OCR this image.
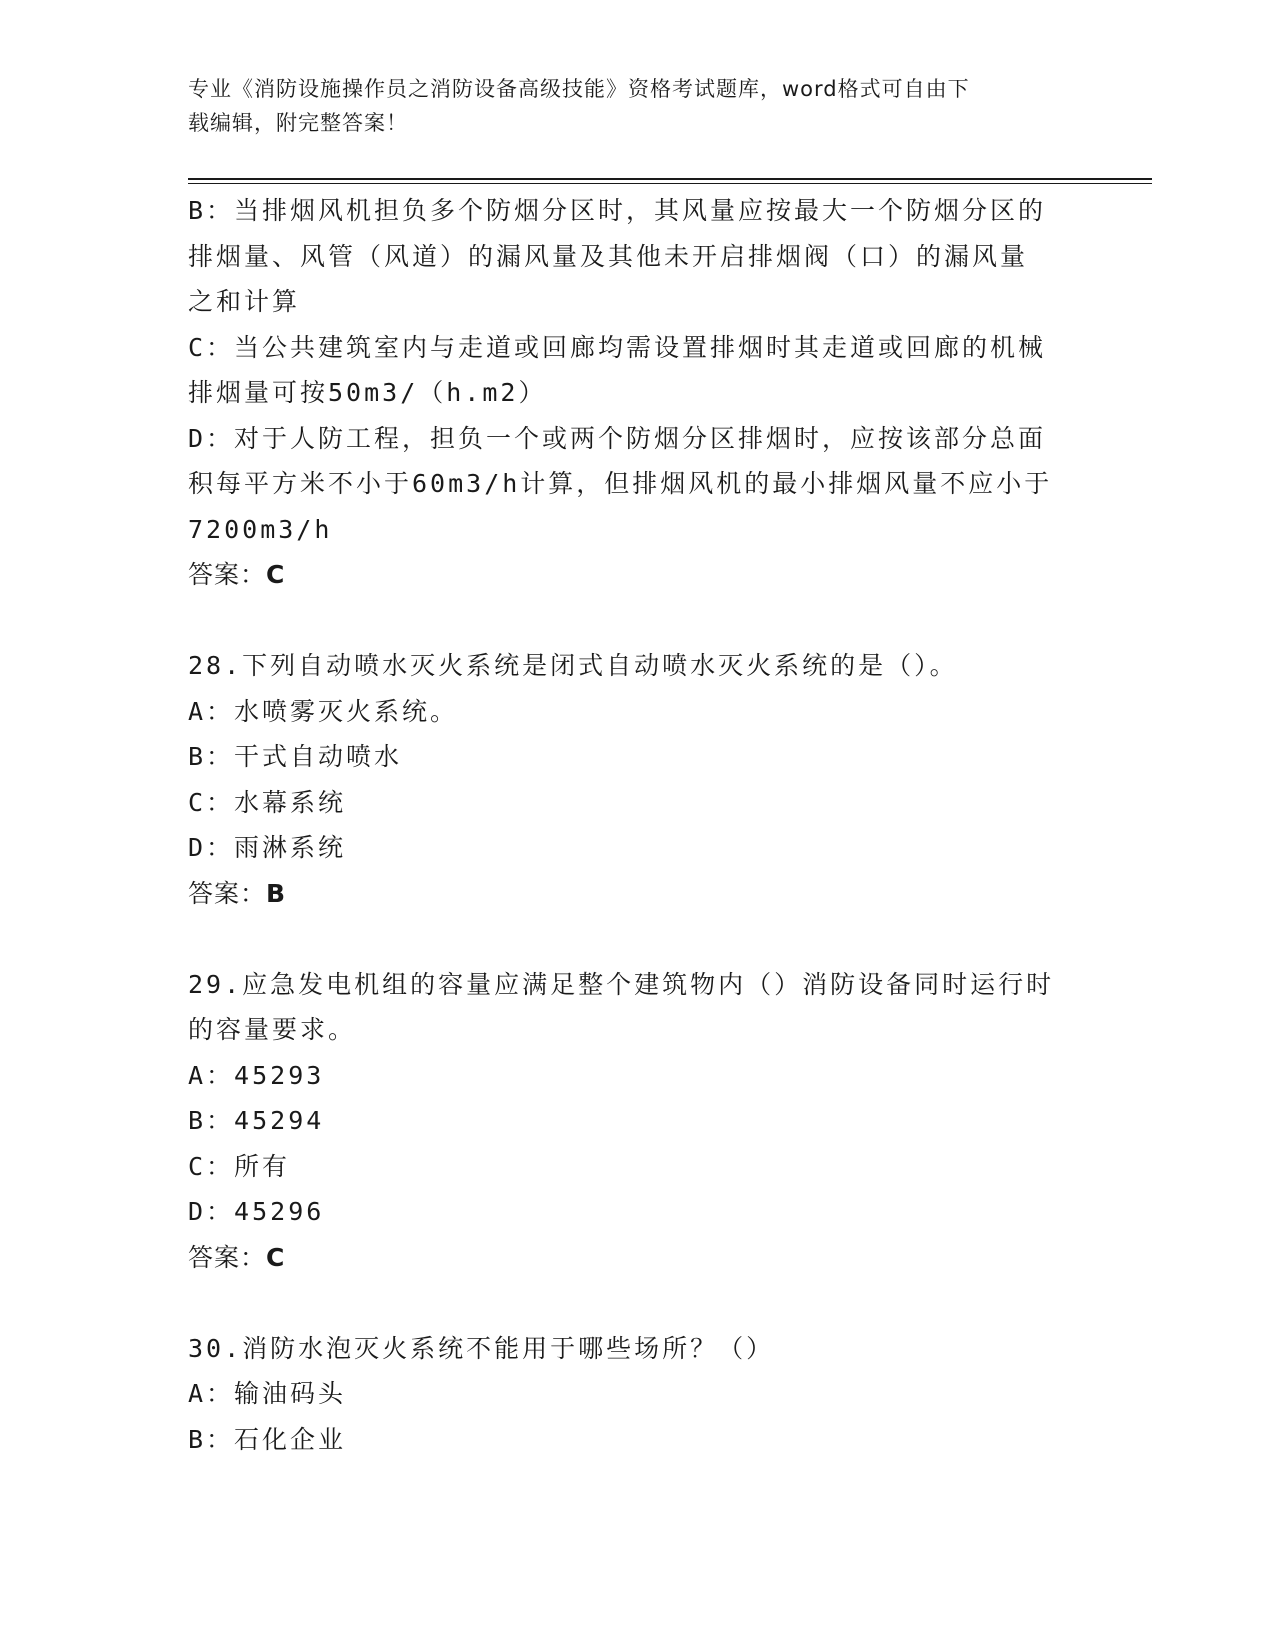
专业《消防设施操作员之消防设备高级技能》资格考试题库，word格式可自由下
载编辑，附完整答案！
B：当排烟风机担负多个防烟分区时，其风量应按最大一个防烟分区的
排烟量、风管（风道）的漏风量及其他未开启排烟阀（口）的漏风量
之和计算
C：当公共建筑室内与走道或回廊均需设置排烟时其走道或回廊的机械
排烟量可按50m3/（h.m2）
D：对于人防工程，担负一个或两个防烟分区排烟时，应按该部分总面
积每平方米不小于60m3/h计算，但排烟风机的最小排烟风量不应小于
7200m3/h
答案：C
28.下列自动喷水灭火系统是闭式自动喷水灭火系统的是（）。
A：水喷雾灭火系统。
B：干式自动喷水
C：水幕系统
D：雨淋系统
答案：B
29.应急发电机组的容量应满足整个建筑物内（）消防设备同时运行时
的容量要求。
A：45293
B：45294
C：所有
D：45296
答案：C
30.消防水泡灭火系统不能用于哪些场所？（）
A：输油码头
B：石化企业
